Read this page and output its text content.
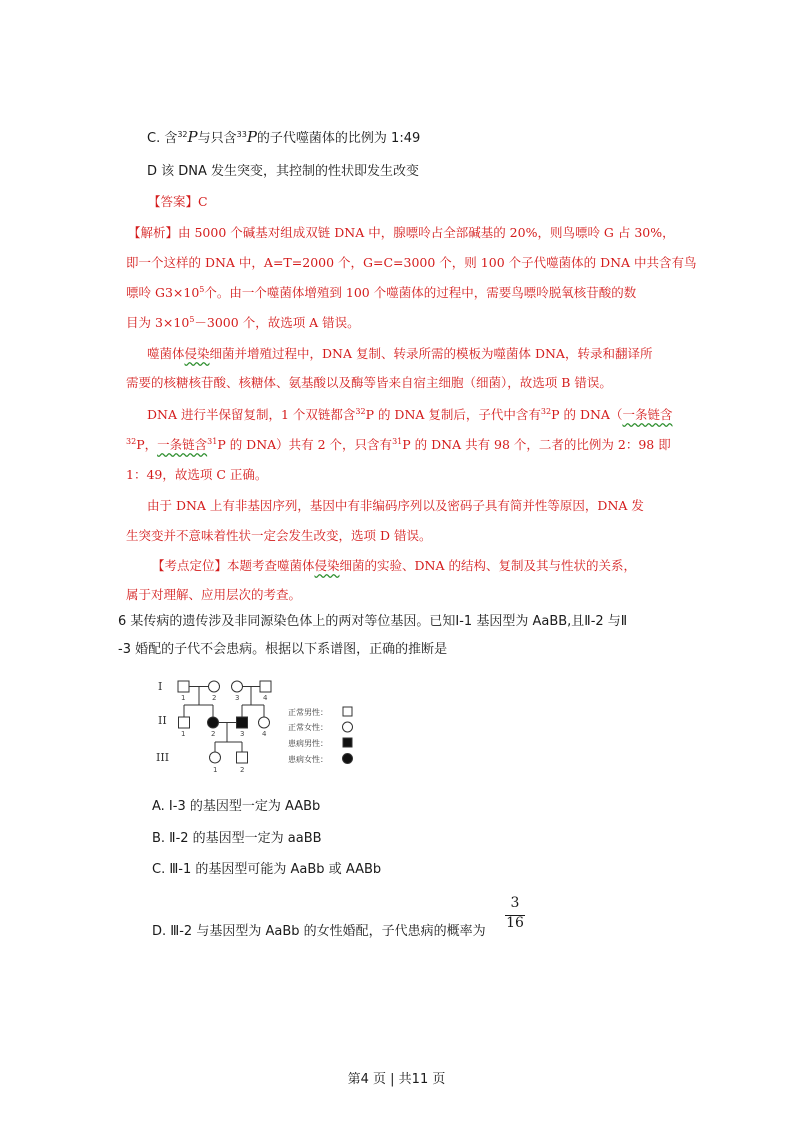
C. 含$^{32}$P与只含$^{33}$P的子代噬菌体的比例为 1:49
D 该 DNA 发生突变，其控制的性状即发生改变
【答案】C
【解析】由 5000 个碱基对组成双链 DNA 中，腺嘌呤占全部碱基的 20%，则鸟嘌呤 G 占 30%，
即一个这样的 DNA 中，A=T=2000 个，G=C=3000 个，则 100 个子代噬菌体的 DNA 中共含有鸟
嘌呤 $G3\times 10^5$个。由一个噬菌体增殖到 100 个噬菌体的过程中，需要鸟嘌呤脱氧核苷酸的数
目为 $3\times 10^5-3000$ 个，故选项 A 错误。
噬菌体侵染细菌并增殖过程中，DNA 复制、转录所需的模板为噬菌体 DNA，转录和翻译所
需要的核糖核苷酸、核糖体、氨基酸以及酶等皆来自宿主细胞（细菌），故选项 B 错误。
DNA 进行半保留复制，1 个双链都含$^{32}$P 的 DNA 复制后，子代中含有$^{32}$P 的 DNA（一条链含
$^{32}$P，一条链含$^{31}$P 的 DNA）共有 2 个，只含有$^{31}$P 的 DNA 共有 98 个，二者的比例为 2：98 即
1：49，故选项 C 正确。
由于 DNA 上有非基因序列，基因中有非编码序列以及密码子具有简并性等原因，DNA 发
生突变并不意味着性状一定会发生改变，选项 D 错误。
【考点定位】本题考查噬菌体侵染细菌的实验、DNA 的结构、复制及其与性状的关系，
属于对理解、应用层次的考查。
6 某传病的遗传涉及非同源染色体上的两对等位基因。已知Ⅰ-1 基因型为 AaBB,且Ⅱ-2 与Ⅱ
-3 婚配的子代不会患病。根据以下系谱图，正确的推断是
I
II
III
1	2	3	4
1	2	3	4
1	2
正常男性：
正常女性：
患病男性：
患病女性：
A. Ⅰ-3 的基因型一定为 AABb
B. Ⅱ-2 的基因型一定为 aaBB
C. Ⅲ-1 的基因型可能为 AaBb 或 AABb
D. Ⅲ-2 与基因型为 AaBb 的女性婚配，子代患病的概率为
3
16
第4 页 | 共11 页
